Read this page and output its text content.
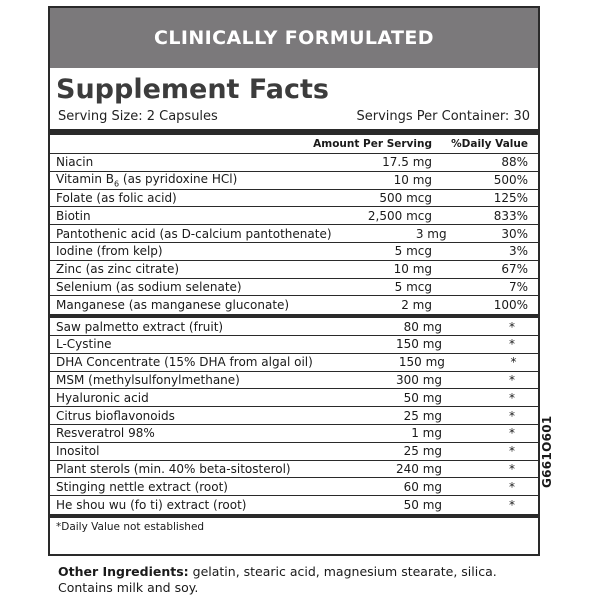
CLINICALLY FORMULATED
Supplement Facts
Serving Size: 2 Capsules	Servings Per Container: 30
Amount Per Serving	%Daily Value
Niacin	17.5 mg	88%
Vitamin $B_6$ (as pyridoxine HCl)	10 mg	500%
Folate (as folic acid)	500 mcg	125%
Biotin	2,500 mcg	833%
Pantothenic acid (as D-calcium pantothenate)	3 mg	30%
Iodine (from kelp)	5 mcg	3%
Zinc (as zinc citrate)	10 mg	67%
Selenium (as sodium selenate)	5 mcg	7%
Manganese (as manganese gluconate)	2 mg	100%
Saw palmetto extract (fruit)	80 mg	*
L-Cystine	150 mg	*
DHA Concentrate (15% DHA from algal oil)	150 mg	*
MSM (methylsulfonylmethane)	300 mg	*
Hyaluronic acid	50 mg	*
Citrus bioflavonoids	25 mg	*
Resveratrol 98%	1 mg	*
Inositol	25 mg	*
Plant sterols (min. 40% beta-sitosterol)	240 mg	*
Stinging nettle extract (root)	60 mg	*
He shou wu (fo ti) extract (root)	50 mg	*
*Daily Value not established
Other Ingredients: gelatin, stearic acid, magnesium stearate, silica.
Contains milk and soy.
G661O601
